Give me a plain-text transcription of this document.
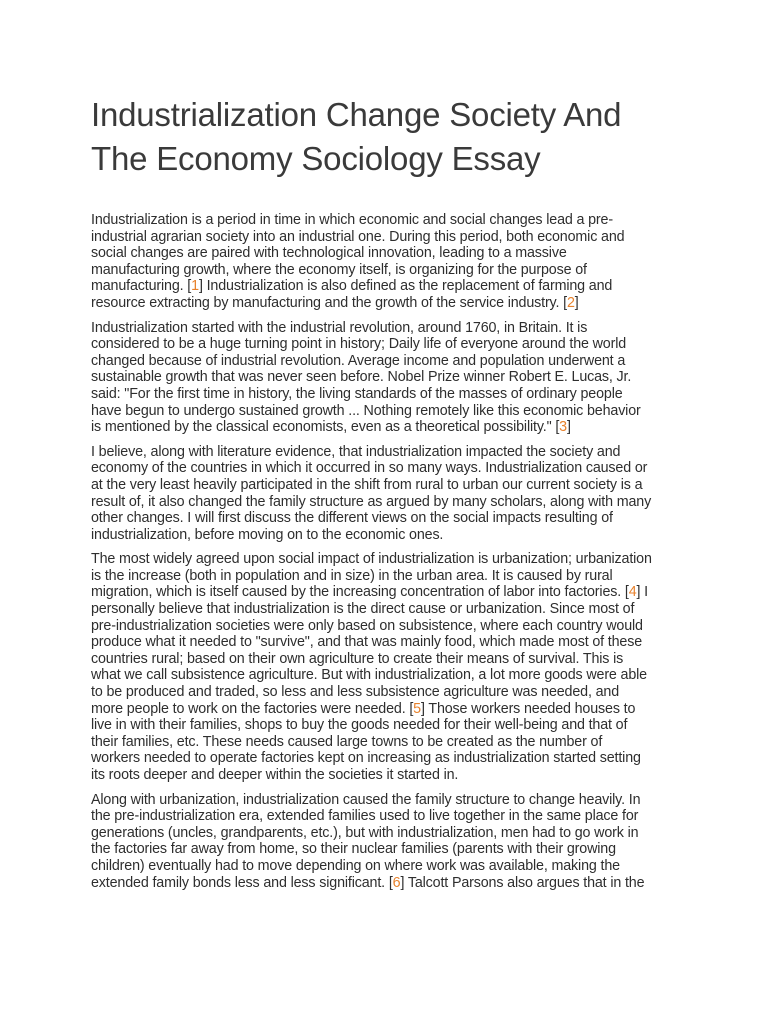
Industrialization Change Society And The Economy Sociology Essay

Industrialization is a period in time in which economic and social changes lead a pre-industrial agrarian society into an industrial one. During this period, both economic and social changes are paired with technological innovation, leading to a massive manufacturing growth, where the economy itself, is organizing for the purpose of manufacturing. [1] Industrialization is also defined as the replacement of farming and resource extracting by manufacturing and the growth of the service industry. [2]

Industrialization started with the industrial revolution, around 1760, in Britain. It is considered to be a huge turning point in history; Daily life of everyone around the world changed because of industrial revolution. Average income and population underwent a sustainable growth that was never seen before. Nobel Prize winner Robert E. Lucas, Jr. said: "For the first time in history, the living standards of the masses of ordinary people have begun to undergo sustained growth ... Nothing remotely like this economic behavior is mentioned by the classical economists, even as a theoretical possibility." [3]

I believe, along with literature evidence, that industrialization impacted the society and economy of the countries in which it occurred in so many ways. Industrialization caused or at the very least heavily participated in the shift from rural to urban our current society is a result of, it also changed the family structure as argued by many scholars, along with many other changes. I will first discuss the different views on the social impacts resulting of industrialization, before moving on to the economic ones.

The most widely agreed upon social impact of industrialization is urbanization; urbanization is the increase (both in population and in size) in the urban area. It is caused by rural migration, which is itself caused by the increasing concentration of labor into factories. [4] I personally believe that industrialization is the direct cause or urbanization. Since most of pre-industrialization societies were only based on subsistence, where each country would produce what it needed to "survive", and that was mainly food, which made most of these countries rural; based on their own agriculture to create their means of survival. This is what we call subsistence agriculture. But with industrialization, a lot more goods were able to be produced and traded, so less and less subsistence agriculture was needed, and more people to work on the factories were needed. [5] Those workers needed houses to live in with their families, shops to buy the goods needed for their well-being and that of their families, etc. These needs caused large towns to be created as the number of workers needed to operate factories kept on increasing as industrialization started setting its roots deeper and deeper within the societies it started in.

Along with urbanization, industrialization caused the family structure to change heavily. In the pre-industrialization era, extended families used to live together in the same place for generations (uncles, grandparents, etc.), but with industrialization, men had to go work in the factories far away from home, so their nuclear families (parents with their growing children) eventually had to move depending on where work was available, making the extended family bonds less and less significant. [6] Talcott Parsons also argues that in the
